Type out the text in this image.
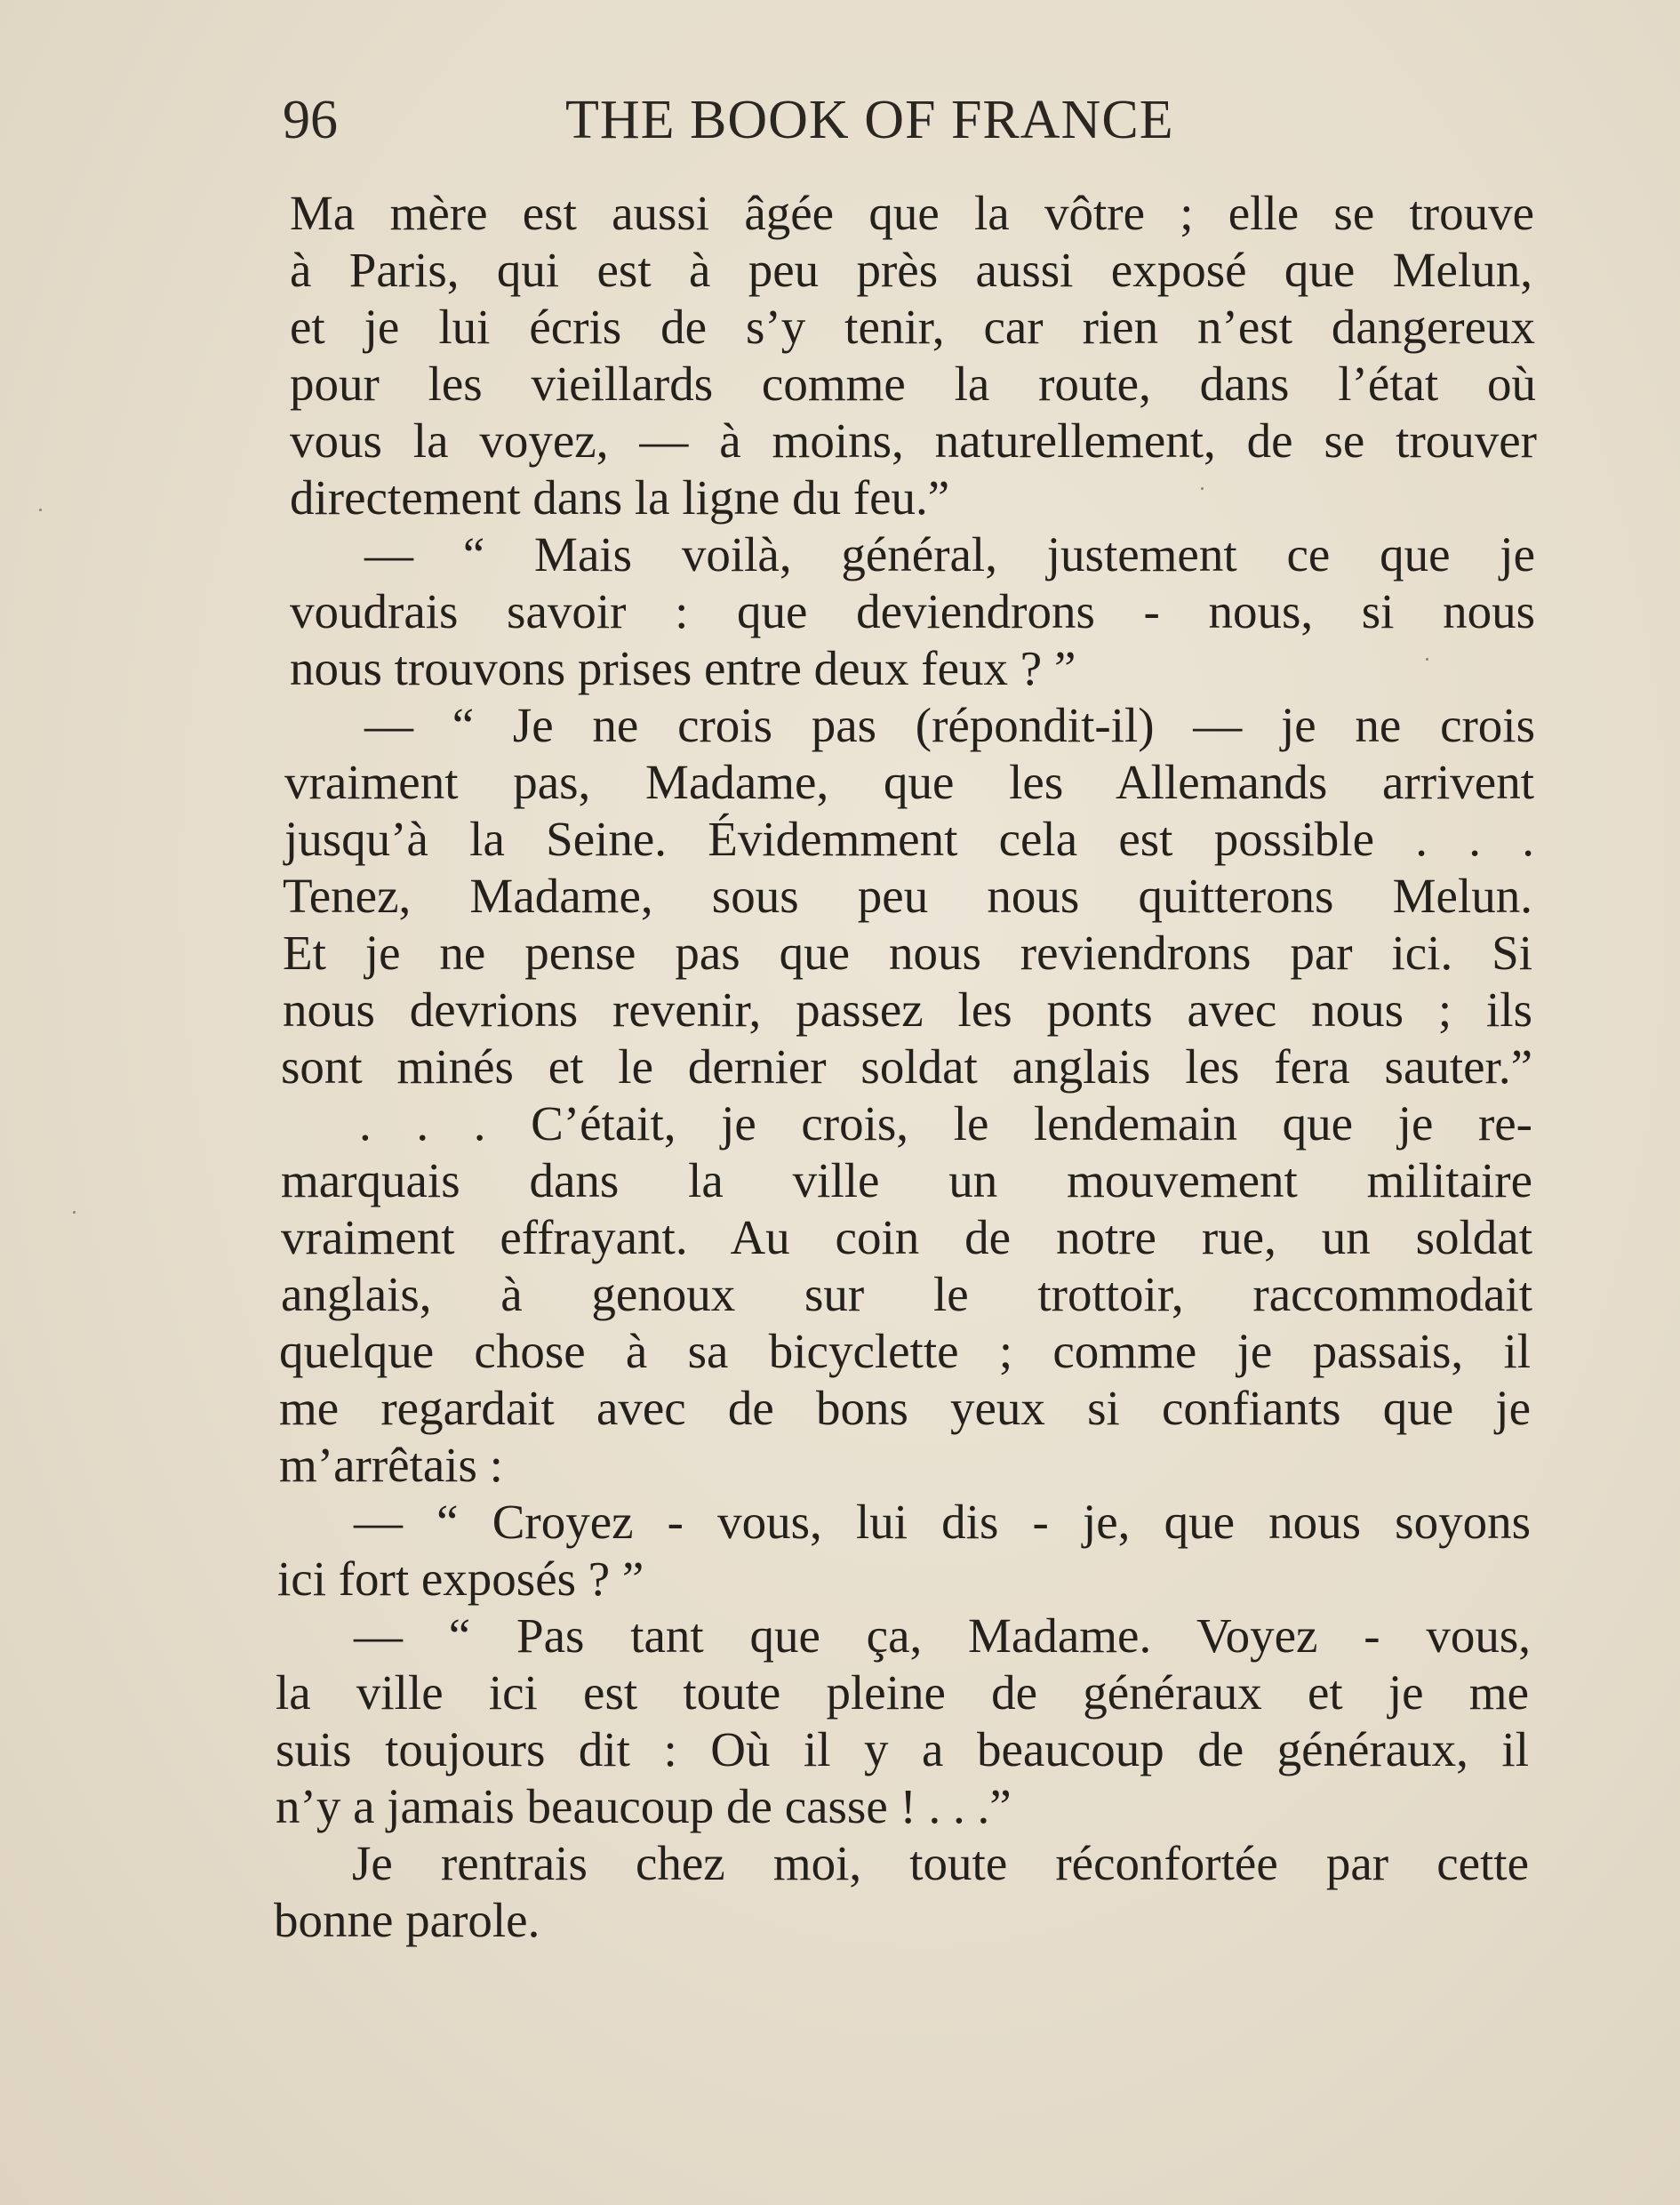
96	THE BOOK OF FRANCE
Ma mère est aussi âgée que la vôtre ; elle se trouve
à Paris, qui est à peu près aussi exposé que Melun,
et je lui écris de s’y tenir, car rien n’est dangereux
pour les vieillards comme la route, dans l’état où
vous la voyez, — à moins, naturellement, de se trouver
directement dans la ligne du feu.”
— “ Mais voilà, général, justement ce que je
voudrais savoir : que deviendrons - nous, si nous
nous trouvons prises entre deux feux ? ”
— “ Je ne crois pas (répondit-il) — je ne crois
vraiment pas, Madame, que les Allemands arrivent
jusqu’à la Seine. Évidemment cela est possible . . .
Tenez, Madame, sous peu nous quitterons Melun.
Et je ne pense pas que nous reviendrons par ici. Si
nous devrions revenir, passez les ponts avec nous ; ils
sont minés et le dernier soldat anglais les fera sauter.”
. . . C’était, je crois, le lendemain que je re-
marquais dans la ville un mouvement militaire
vraiment effrayant. Au coin de notre rue, un soldat
anglais, à genoux sur le trottoir, raccommodait
quelque chose à sa bicyclette ; comme je passais, il
me regardait avec de bons yeux si confiants que je
m’arrêtais :
— “ Croyez - vous, lui dis - je, que nous soyons
ici fort exposés ? ”
— “ Pas tant que ça, Madame. Voyez - vous,
la ville ici est toute pleine de généraux et je me
suis toujours dit : Où il y a beaucoup de généraux, il
n’y a jamais beaucoup de casse ! . . .”
Je rentrais chez moi, toute réconfortée par cette
bonne parole.
